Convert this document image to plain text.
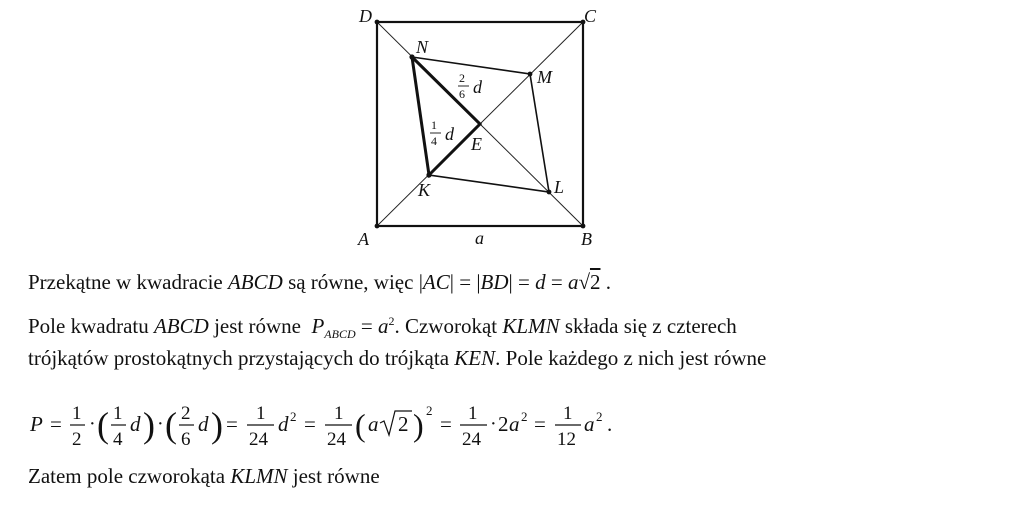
D	C
A	B
N
M
L
K
E
a
2
6 d
1
4 d
Przekątne w kwadracie ABCD są równe, więc |AC| = |BD| = d = a√2 .
Pole kwadratu ABCD jest równe  $P_{ABCD} = a^2$. Czworokąt KLMN składa się z czterech
trójkątów prostokątnych przystających do trójkąta KEN. Pole każdego z nich jest równe
P = 1
2
· ( 1
4
d ) · ( 2
6
d ) = 1
24
d 2 = 1
24 ( a 2 ) 2
= 1
24
· 2 a 2 = 1
12
a 2 .
Zatem pole czworokąta KLMN jest równe
